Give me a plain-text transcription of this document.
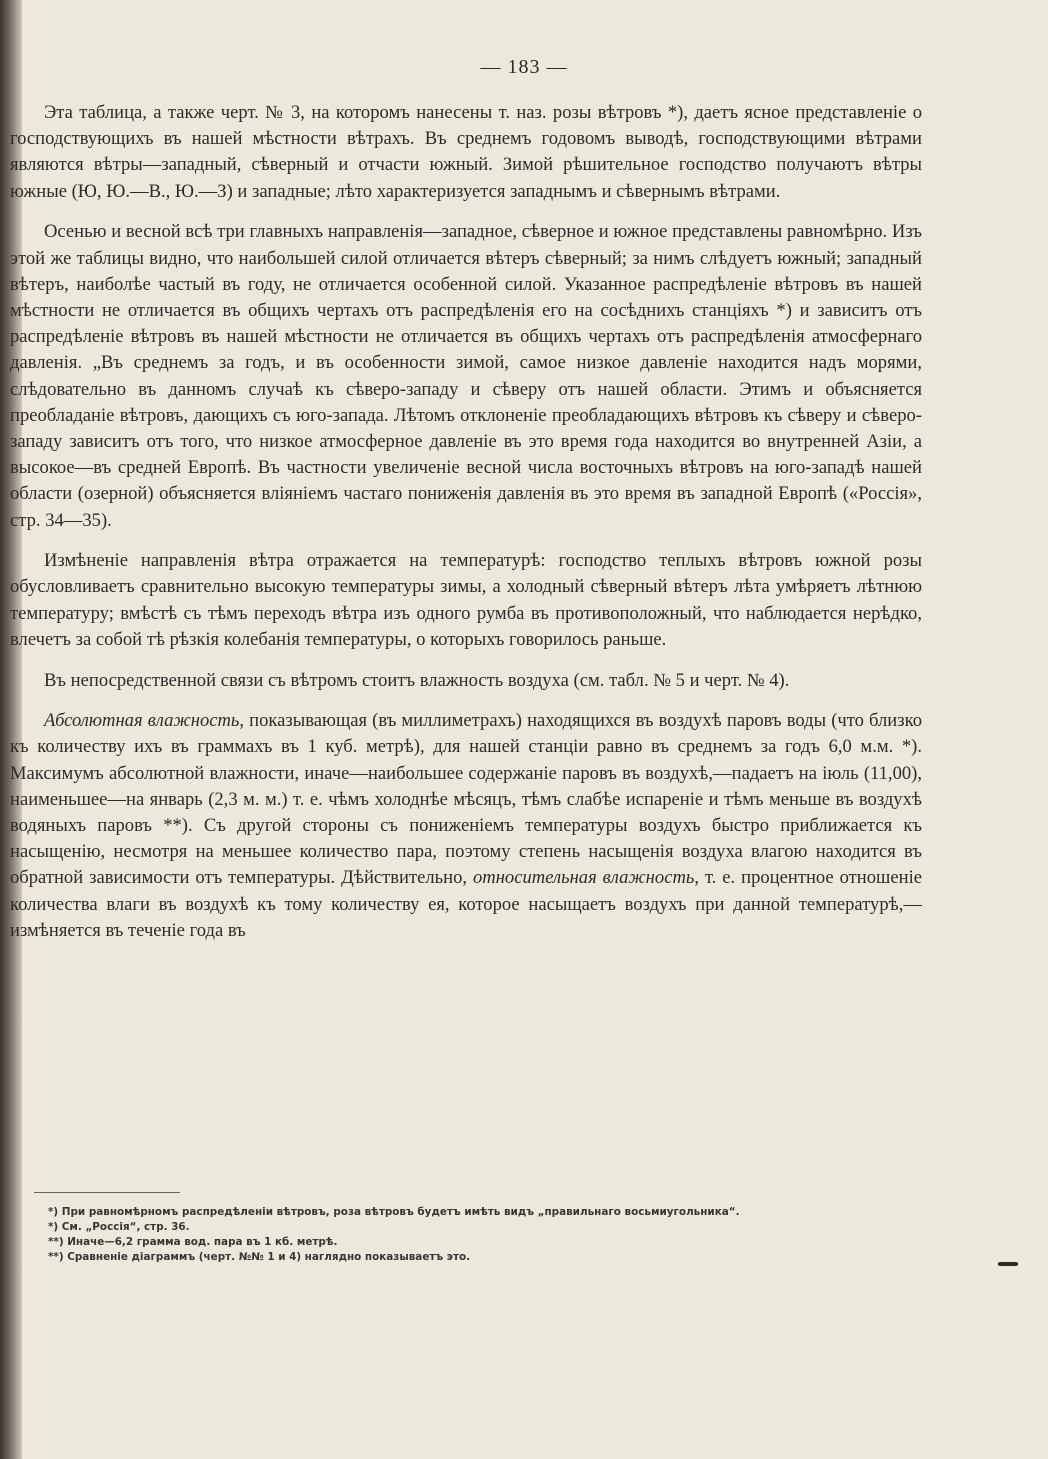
— 183 —

Эта таблица, а также черт. № 3, на которомъ нанесены т. наз. розы вѣтровъ *), даетъ ясное представленіе о господствующихъ въ нашей мѣстности вѣтрахъ. Въ среднемъ годовомъ выводѣ, господствующими вѣтрами являются вѣтры—западный, сѣверный и отчасти южный. Зимой рѣшительное господство получаютъ вѣтры южные (Ю, Ю.—В., Ю.—З) и западные; лѣто характеризуется западнымъ и сѣвернымъ вѣтрами.

Осенью и весной всѣ три главныхъ направленія—западное, сѣверное и южное представлены равномѣрно. Изъ этой же таблицы видно, что наибольшей силой отличается вѣтеръ сѣверный; за нимъ слѣдуетъ южный; западный вѣтеръ, наиболѣе частый въ году, не отличается особенной силой. Указанное распредѣленіе вѣтровъ въ нашей мѣстности не отличается въ общихъ чертахъ отъ распредѣленія его на сосѣднихъ станціяхъ *) и зависитъ отъ распредѣленіе вѣтровъ въ нашей мѣстности не отличается въ общихъ чертахъ отъ распредѣленія атмосфернаго давленія. „Въ среднемъ за годъ, и въ особенности зимой, самое низкое давленіе находится надъ морями, слѣдовательно въ данномъ случаѣ къ сѣверо-западу и сѣверу отъ нашей области. Этимъ и объясняется преобладаніе вѣтровъ, дающихъ съ юго-запада. Лѣтомъ отклоненіе преобладающихъ вѣтровъ къ сѣверу и сѣверо-западу зависитъ отъ того, что низкое атмосферное давленіе въ это время года находится во внутренней Азіи, а высокое—въ средней Европѣ. Въ частности увеличеніе весной числа восточныхъ вѣтровъ на юго-западѣ нашей области (озерной) объясняется вліяніемъ частаго пониженія давленія въ это время въ западной Европѣ («Россія», стр. 34—35).

Измѣненіе направленія вѣтра отражается на температурѣ: господство теплыхъ вѣтровъ южной розы обусловливаетъ сравнительно высокую температуры зимы, а холодный сѣверный вѣтеръ лѣта умѣряетъ лѣтнюю температуру; вмѣстѣ съ тѣмъ переходъ вѣтра изъ одного румба въ противоположный, что наблюдается нерѣдко, влечетъ за собой тѣ рѣзкія колебанія температуры, о которыхъ говорилось раньше.

Въ непосредственной связи съ вѣтромъ стоитъ влажность воздуха (см. табл. № 5 и черт. № 4).

Абсолютная влажность, показывающая (въ миллиметрахъ) находящихся въ воздухѣ паровъ воды (что близко къ количеству ихъ въ граммахъ въ 1 куб. метрѣ), для нашей станціи равно въ среднемъ за годъ 6,0 м.м. *). Максимумъ абсолютной влажности, иначе—наибольшее содержаніе паровъ въ воздухѣ,—падаетъ на іюль (11,00), наименьшее—на январь (2,3 м. м.) т. е. чѣмъ холоднѣе мѣсяцъ, тѣмъ слабѣе испареніе и тѣмъ меньше въ воздухѣ водяныхъ паровъ **). Съ другой стороны съ пониженіемъ температуры воздухъ быстро приближается къ насыщенію, несмотря на меньшее количество пара, поэтому степень насыщенія воздуха влагою находится въ обратной зависимости отъ температуры. Дѣйствительно, относительная влажность, т. е. процентное отношеніе количества влаги въ воздухѣ къ тому количеству ея, которое насыщаетъ воздухъ при данной температурѣ,—измѣняется въ теченіе года въ

*) При равномѣрномъ распредѣленіи вѣтровъ, роза вѣтровъ будетъ имѣть видъ „правильнаго восьмиугольника“.
*) См. „Россія“, стр. 36.
**) Иначе—6,2 грамма вод. пара въ 1 кб. метрѣ.
**) Сравненіе діаграммъ (черт. №№ 1 и 4) наглядно показываетъ это.
